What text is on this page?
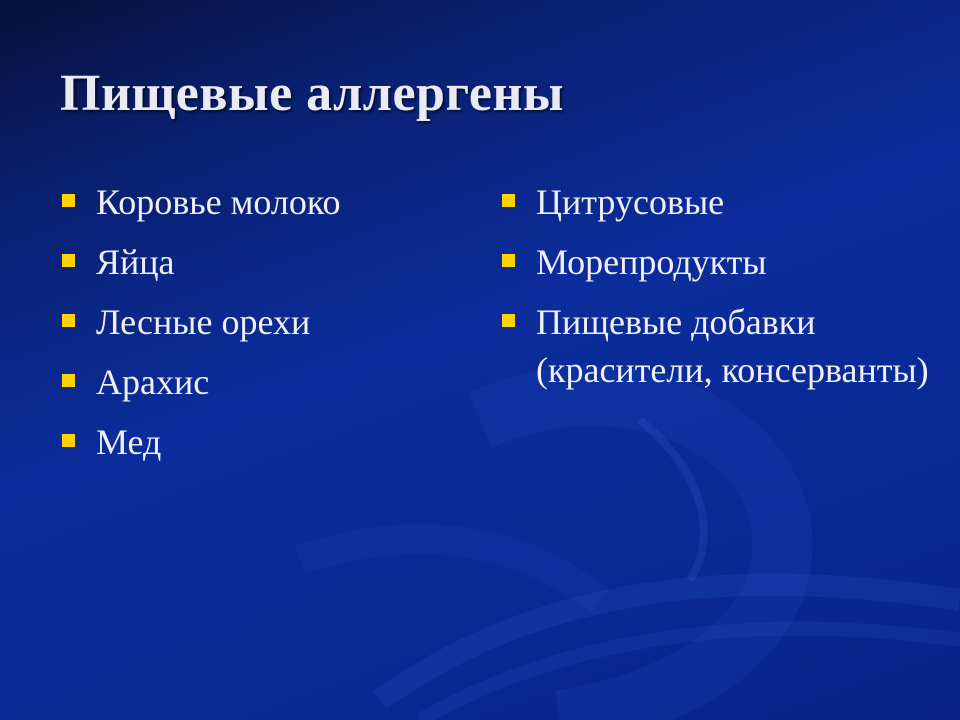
Пищевые аллергены
Коровье молоко
Яйца
Лесные орехи
Арахис
Мед
Цитрусовые
Морепродукты
Пищевые добавки (красители, консерванты)
